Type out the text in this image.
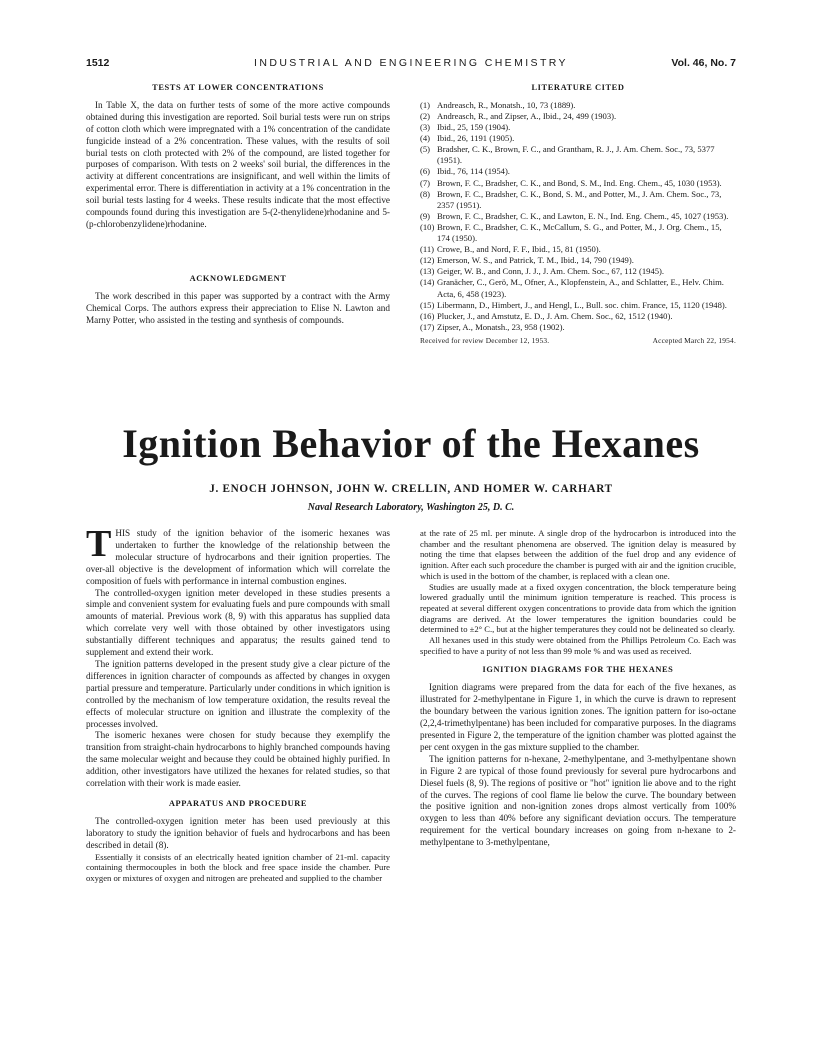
1512	INDUSTRIAL AND ENGINEERING CHEMISTRY	Vol. 46, No. 7
TESTS AT LOWER CONCENTRATIONS

In Table X, the data on further tests of some of the more active compounds obtained during this investigation are reported. Soil burial tests were run on strips of cotton cloth which were impregnated with a 1% concentration of the candidate fungicide instead of a 2% concentration. These values, with the results of soil burial tests on cloth protected with 2% of the compound, are listed together for purposes of comparison. With tests on 2 weeks' soil burial, the differences in the activity at different concentrations are insignificant, and well within the limits of experimental error. There is differentiation in activity at a 1% concentration in the soil burial tests lasting for 4 weeks. These results indicate that the most effective compounds found during this investigation are 5-(2-thenylidene)rhodanine and 5-(p-chlorobenzylidene)rhodanine.

ACKNOWLEDGMENT

The work described in this paper was supported by a contract with the Army Chemical Corps. The authors express their appreciation to Elise N. Lawton and Marny Potter, who assisted in the testing and synthesis of compounds.

LITERATURE CITED
(1) Andreasch, R., Monatsh., 10, 73 (1889).
(2) Andreasch, R., and Zipser, A., Ibid., 24, 499 (1903).
(3) Ibid., 25, 159 (1904).
(4) Ibid., 26, 1191 (1905).
(5) Bradsher, C. K., Brown, F. C., and Grantham, R. J., J. Am. Chem. Soc., 73, 5377 (1951).
(6) Ibid., 76, 114 (1954).
(7) Brown, F. C., Bradsher, C. K., and Bond, S. M., Ind. Eng. Chem., 45, 1030 (1953).
(8) Brown, F. C., Bradsher, C. K., Bond, S. M., and Potter, M., J. Am. Chem. Soc., 73, 2357 (1951).
(9) Brown, F. C., Bradsher, C. K., and Lawton, E. N., Ind. Eng. Chem., 45, 1027 (1953).
(10) Brown, F. C., Bradsher, C. K., McCallum, S. G., and Potter, M., J. Org. Chem., 15, 174 (1950).
(11) Crowe, B., and Nord, F. F., Ibid., 15, 81 (1950).
(12) Emerson, W. S., and Patrick, T. M., Ibid., 14, 790 (1949).
(13) Geiger, W. B., and Conn, J. J., J. Am. Chem. Soc., 67, 112 (1945).
(14) Granächer, C., Gerö, M., Ofner, A., Klopfenstein, A., and Schlatter, E., Helv. Chim. Acta, 6, 458 (1923).
(15) Libermann, D., Himbert, J., and Hengl, L., Bull. soc. chim. France, 15, 1120 (1948).
(16) Plucker, J., and Amstutz, E. D., J. Am. Chem. Soc., 62, 1512 (1940).
(17) Zipser, A., Monatsh., 23, 958 (1902).
Received for review December 12, 1953.	Accepted March 22, 1954.
Ignition Behavior of the Hexanes
J. ENOCH JOHNSON, JOHN W. CRELLIN, AND HOMER W. CARHART
Naval Research Laboratory, Washington 25, D. C.

THIS study of the ignition behavior of the isomeric hexanes was undertaken to further the knowledge of the relationship between the molecular structure of hydrocarbons and their ignition properties. The over-all objective is the development of information which will correlate the composition of fuels with performance in internal combustion engines.

The controlled-oxygen ignition meter developed in these studies presents a simple and convenient system for evaluating fuels and pure compounds with small amounts of material. Previous work (8, 9) with this apparatus has supplied data which correlate very well with those obtained by other investigators using substantially different techniques and apparatus; the results gained tend to supplement and extend their work.

The ignition patterns developed in the present study give a clear picture of the differences in ignition character of compounds as affected by changes in oxygen partial pressure and temperature. Particularly under conditions in which ignition is controlled by the mechanism of low temperature oxidation, the results reveal the effects of molecular structure on ignition and illustrate the complexity of the processes involved.

The isomeric hexanes were chosen for study because they exemplify the transition from straight-chain hydrocarbons to highly branched compounds having the same molecular weight and because they could be obtained highly purified. In addition, other investigators have utilized the hexanes for related studies, so that correlation with their work is made easier.

APPARATUS AND PROCEDURE

The controlled-oxygen ignition meter has been used previously at this laboratory to study the ignition behavior of fuels and hydrocarbons and has been described in detail (8).

Essentially it consists of an electrically heated ignition chamber of 21-ml. capacity containing thermocouples in both the block and free space inside the chamber. Pure oxygen or mixtures of oxygen and nitrogen are preheated and supplied to the chamber

at the rate of 25 ml. per minute. A single drop of the hydrocarbon is introduced into the chamber and the resultant phenomena are observed. The ignition delay is measured by noting the time that elapses between the addition of the fuel drop and any evidence of ignition. After each such procedure the chamber is purged with air and the ignition crucible, which is used in the bottom of the chamber, is replaced with a clean one.

Studies are usually made at a fixed oxygen concentration, the block temperature being lowered gradually until the minimum ignition temperature is reached. This process is repeated at several different oxygen concentrations to provide data from which the ignition diagrams are derived. At the lower temperatures the ignition boundaries could be determined to ±2° C., but at the higher temperatures they could not be delineated so clearly.

All hexanes used in this study were obtained from the Phillips Petroleum Co. Each was specified to have a purity of not less than 99 mole % and was used as received.

IGNITION DIAGRAMS FOR THE HEXANES

Ignition diagrams were prepared from the data for each of the five hexanes, as illustrated for 2-methylpentane in Figure 1, in which the curve is drawn to represent the boundary between the various ignition zones. The ignition pattern for iso-octane (2,2,4-trimethylpentane) has been included for comparative purposes. In the diagrams presented in Figure 2, the temperature of the ignition chamber was plotted against the per cent oxygen in the gas mixture supplied to the chamber.

The ignition patterns for n-hexane, 2-methylpentane, and 3-methylpentane shown in Figure 2 are typical of those found previously for several pure hydrocarbons and Diesel fuels (8, 9). The regions of positive or "hot" ignition lie above and to the right of the curves. The regions of cool flame lie below the curve. The boundary between the positive ignition and non-ignition zones drops almost vertically from 100% oxygen to less than 40% before any significant deviation occurs. The temperature requirement for the vertical boundary increases on going from n-hexane to 2-methylpentane to 3-methylpentane,
